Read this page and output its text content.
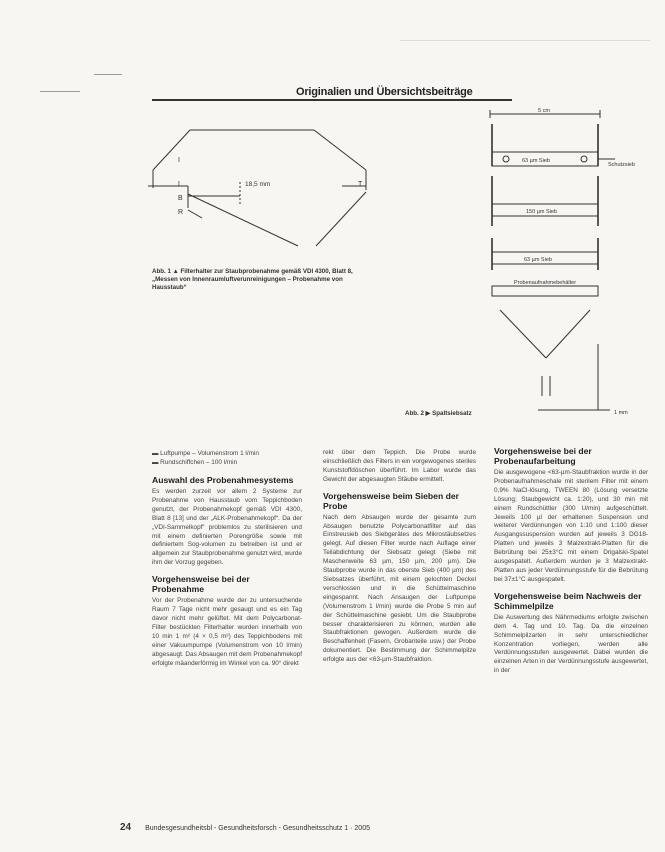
Originalien und Übersichtsbeiträge
I
L
B
R
T
18,5 mm
Abb. 1 ▲ Filterhalter zur Staubprobenahme gemäß VDI 4300, Blatt 8, „Messen von Innenraumluftverunreinigungen – Probenahme von Hausstaub“
5 cm
63 µm Sieb
150 µm Sieb
63 µm Sieb
Schutzsieb
Probenaufnahmebehälter
1 mm
Abb. 2 ▶ Spaltsiebsatz
▬ Luftpumpe – Volumenstrom 1 l/min
▬ Rundschiffchen – 100 l/min
Auswahl des Probenahmesystems

Es werden zurzeit vor allem 2 Systeme zur Probenahme von Hausstaub vom Teppichboden genutzt, der Probenahmekopf gemäß VDI 4300, Blatt 8 [13] und der „ALK-Probenahmekopf“. Da der „VDI-Sammelkopf“ problemlos zu sterilisieren und mit einem definierten Porengröße sowie mit definiertem Sog-volumen zu betreiben ist und er allgemein zur Staubprobenahme genutzt wird, wurde ihm der Vorzug gegeben.

Vorgehensweise bei der Probenahme

Vor der Probenahme wurde der zu untersuchende Raum 7 Tage nicht mehr gesaugt und es ein Tag davor nicht mehr gelüftet. Mit dem Polycarbonat-Filter bestückten Filterhalter wurden innerhalb von 10 min 1 m² (4 × 0,5 m²) des Teppichbodens mit einer Vakuumpumpe (Volumenstrom von 10 l/min) abgesaugt. Das Absaugen mit dem Probenahmekopf erfolgte mäanderförmig im Winkel von ca. 90° direkt

rekt über dem Teppich. Die Probe wurde einschließlich des Filters in ein vorgewogenes steriles Kunststoffdöschen überführt. Im Labor wurde das Gewicht der abgesaugten Stäube ermittelt.

Vorgehensweise beim Sieben der Probe

Nach dem Absaugen wurde der gesamte zum Absaugen benutzte Polycarbonatfilter auf das Einstreusieb des Siebgerätes des Mikrostäubsetzes gelegt. Auf diesen Filter wurde nach Auflage einer Teilabdichtung der Siebsatz gelegt (Siebe mit Maschenweite 63 µm, 150 µm, 200 µm). Die Staubprobe wurde in das oberste Sieb (400 µm) des Siebsatzes überführt, mit einem gelochten Deckel verschlossen und in die Schüttelmaschine eingespannt. Nach Ansaugen der Luftpumpe (Volumenstrom 1 l/min) wurde die Probe 5 min auf der Schüttelmaschine gesiebt. Um die Staubprobe besser charakterisieren zu können, wurden alle Staubfraktionen gewogen. Außerdem wurde die Beschaffenheit (Fasern, Grobanteile usw.) der Probe dokumentiert. Die Bestimmung der Schimmelpilze erfolgte aus der <63-µm-Staubfraktion.

Vorgehensweise bei der Probenaufarbeitung

Die ausgewogene <63-µm-Staubfraktion wurde in der Probenaufnahmeschale mit sterilem Filter mit einem 0,9% NaCl-lösung, TWEEN 80 (Lösung versetzte Lösung; Staubgewicht ca. 1:20), und 30 min mit einem Rundschüttler (300 U/min) aufgeschüttelt. Jeweils 100 µl der erhaltenen Suspension und weiterer Verdünnungen von 1:10 und 1:100 dieser Ausgangssuspension wurden auf jeweils 3 DG18-Platten und jeweils 3 Malzextrakt-Platten für die Bebrütung bei 25±3°C mit einem Drigalski-Spatel ausgespatelt. Außerdem wurden je 3 Malzextrakt-Platten aus jeder Verdünnungsstufe für die Bebrütung bei 37±1°C ausgespatelt.

Vorgehensweise beim Nachweis der Schimmelpilze

Die Auswertung des Nährmediums erfolgte zwischen dem 4. Tag und 10. Tag. Da die einzelnen Schimmelpilzarten in sehr unterschiedlicher Konzentration vorliegen, werden alle Verdünnungsstufen ausgewertet. Dabei wurden die einzelnen Arten in der Verdünnungsstufe ausgewertet, in der

24 Bundesgesundheitsbl - Gesundheitsforsch - Gesundheitsschutz 1 · 2005
